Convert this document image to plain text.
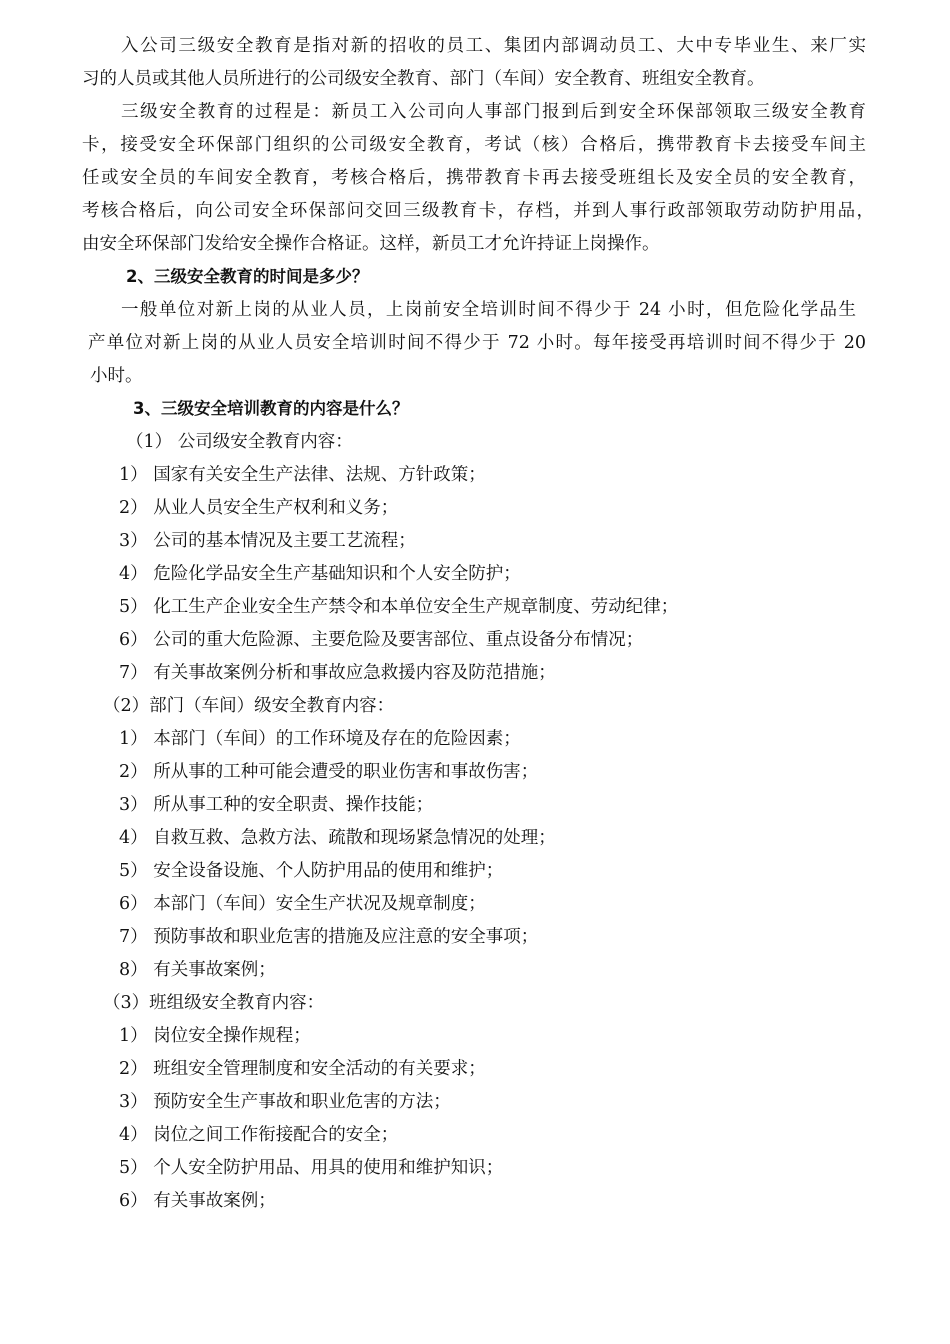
入公司三级安全教育是指对新的招收的员工、集团内部调动员工、大中专毕业生、来厂实
习的人员或其他人员所进行的公司级安全教育、部门（车间）安全教育、班组安全教育。
三级安全教育的过程是：新员工入公司向人事部门报到后到安全环保部领取三级安全教育
卡，接受安全环保部门组织的公司级安全教育，考试（核）合格后，携带教育卡去接受车间主
任或安全员的车间安全教育，考核合格后，携带教育卡再去接受班组长及安全员的安全教育，
考核合格后，向公司安全环保部问交回三级教育卡，存档，并到人事行政部领取劳动防护用品，
由安全环保部门发给安全操作合格证。这样，新员工才允许持证上岗操作。
2、三级安全教育的时间是多少？
一般单位对新上岗的从业人员，上岗前安全培训时间不得少于 24 小时，但危险化学品生
产单位对新上岗的从业人员安全培训时间不得少于 72 小时。每年接受再培训时间不得少于 20
小时。
3、三级安全培训教育的内容是什么？
（1） 公司级安全教育内容：
1） 国家有关安全生产法律、法规、方针政策；
2） 从业人员安全生产权利和义务；
3） 公司的基本情况及主要工艺流程；
4） 危险化学品安全生产基础知识和个人安全防护；
5） 化工生产企业安全生产禁令和本单位安全生产规章制度、劳动纪律；
6） 公司的重大危险源、主要危险及要害部位、重点设备分布情况；
7） 有关事故案例分析和事故应急救援内容及防范措施；
（2）部门（车间）级安全教育内容：
1） 本部门（车间）的工作环境及存在的危险因素；
2） 所从事的工种可能会遭受的职业伤害和事故伤害；
3） 所从事工种的安全职责、操作技能；
4） 自救互救、急救方法、疏散和现场紧急情况的处理；
5） 安全设备设施、个人防护用品的使用和维护；
6） 本部门（车间）安全生产状况及规章制度；
7） 预防事故和职业危害的措施及应注意的安全事项；
8） 有关事故案例；
（3）班组级安全教育内容：
1） 岗位安全操作规程；
2） 班组安全管理制度和安全活动的有关要求；
3） 预防安全生产事故和职业危害的方法；
4） 岗位之间工作衔接配合的安全；
5） 个人安全防护用品、用具的使用和维护知识；
6） 有关事故案例；
